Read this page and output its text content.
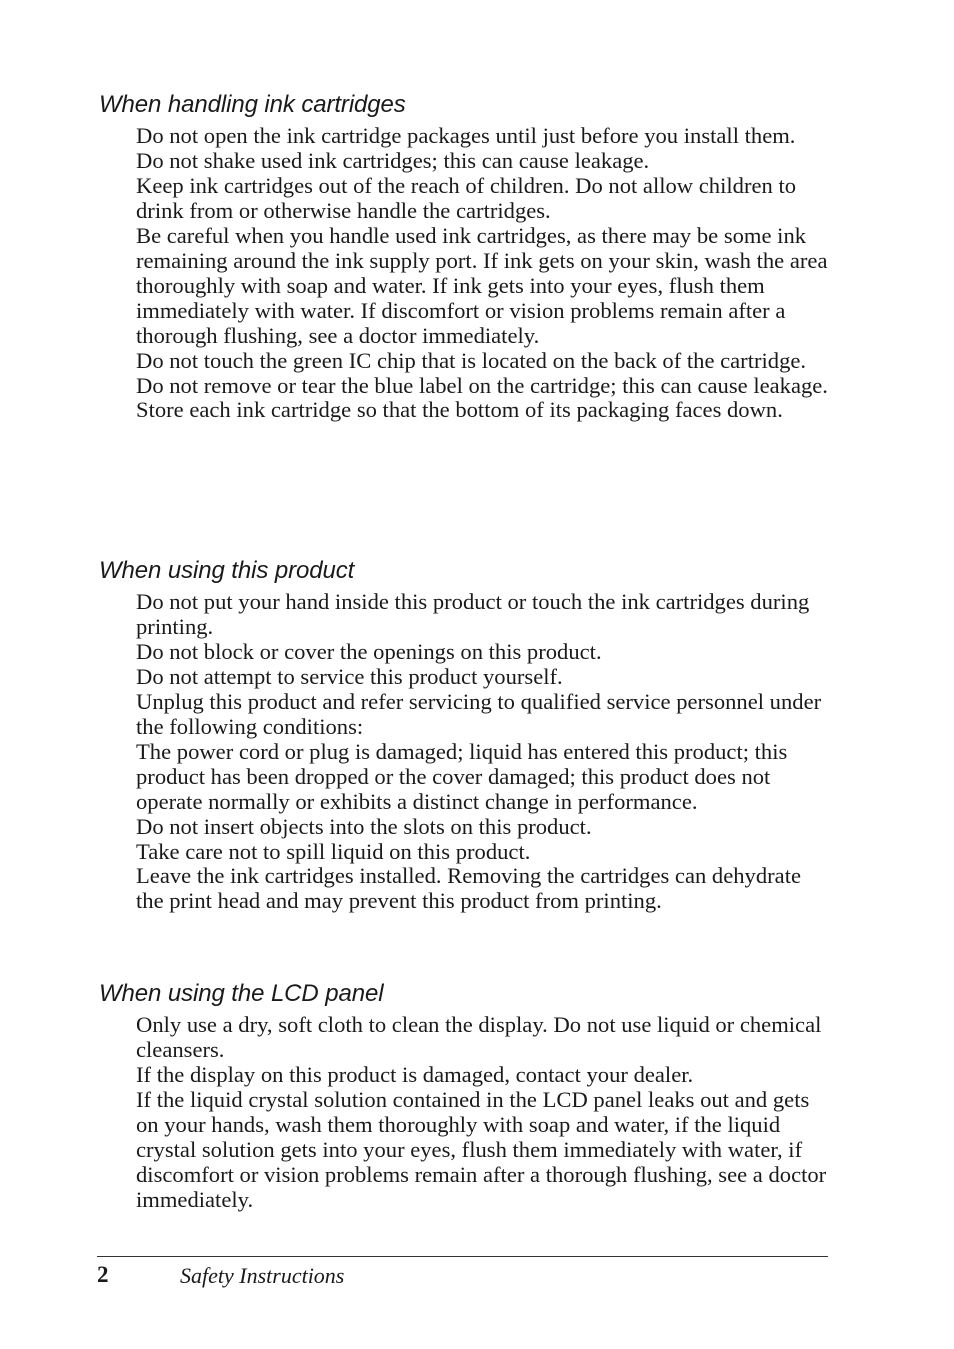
When handling ink cartridges

Do not open the ink cartridge packages until just before you install them.

Do not shake used ink cartridges; this can cause leakage.

Keep ink cartridges out of the reach of children. Do not allow children to drink from or otherwise handle the cartridges.

Be careful when you handle used ink cartridges, as there may be some ink remaining around the ink supply port. If ink gets on your skin, wash the area thoroughly with soap and water. If ink gets into your eyes, flush them immediately with water. If discomfort or vision problems remain after a thorough flushing, see a doctor immediately.

Do not touch the green IC chip that is located on the back of the cartridge.

Do not remove or tear the blue label on the cartridge; this can cause leakage.

Store each ink cartridge so that the bottom of its packaging faces down.

When using this product

Do not put your hand inside this product or touch the ink cartridges during printing.

Do not block or cover the openings on this product.

Do not attempt to service this product yourself.

Unplug this product and refer servicing to qualified service personnel under the following conditions:

The power cord or plug is damaged; liquid has entered this product; this product has been dropped or the cover damaged; this product does not operate normally or exhibits a distinct change in performance.

Do not insert objects into the slots on this product.

Take care not to spill liquid on this product.

Leave the ink cartridges installed. Removing the cartridges can dehydrate the print head and may prevent this product from printing.

When using the LCD panel

Only use a dry, soft cloth to clean the display. Do not use liquid or chemical cleansers.

If the display on this product is damaged, contact your dealer.

If the liquid crystal solution contained in the LCD panel leaks out and gets on your hands, wash them thoroughly with soap and water, if the liquid crystal solution gets into your eyes, flush them immediately with water, if discomfort or vision problems remain after a thorough flushing, see a doctor immediately.

2	Safety Instructions
